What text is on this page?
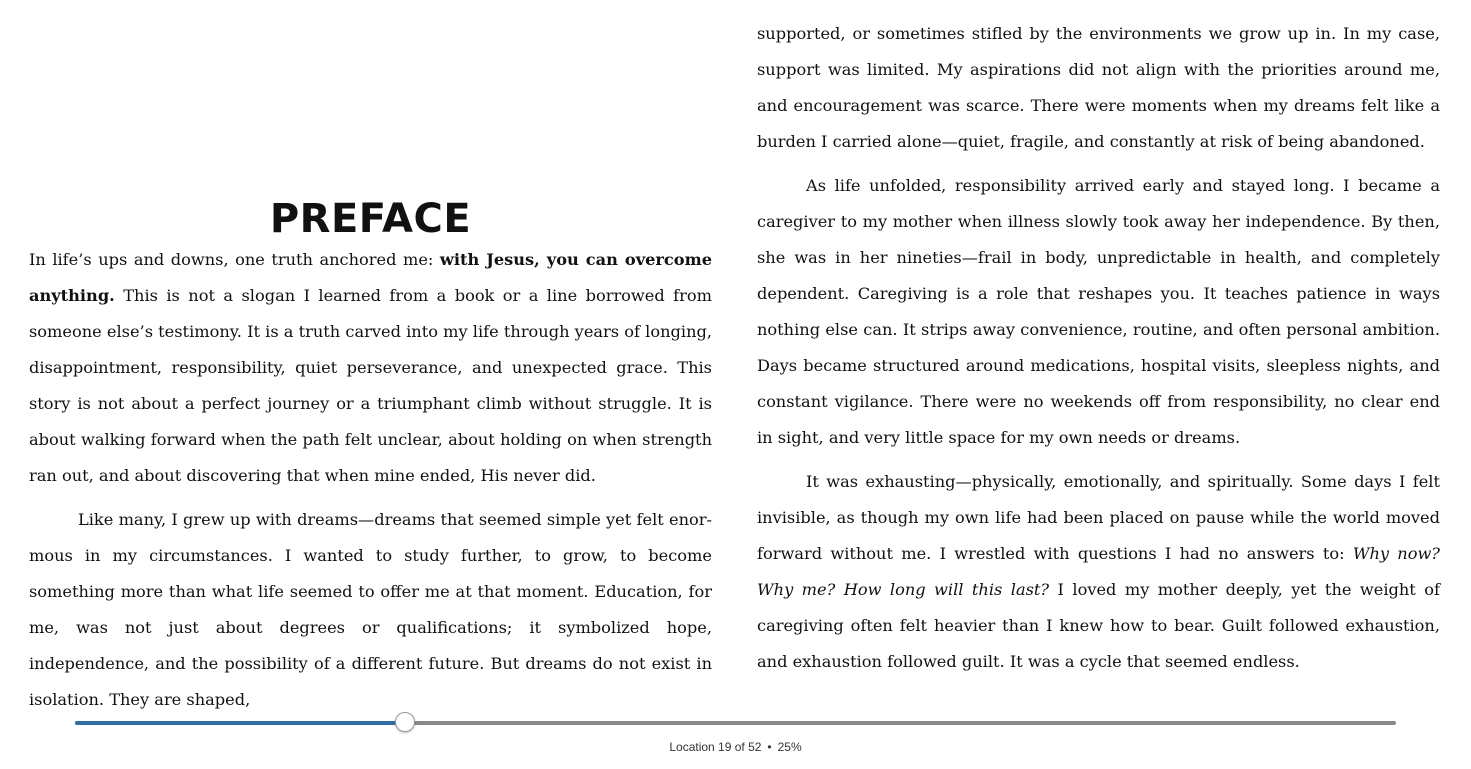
PREFACE

In life’s ups and downs, one truth anchored me: with Jesus, you can overcome anything. This is not a slogan I learned from a book or a line borrowed from someone else’s testimony. It is a truth carved into my life through years of longing, disappointment, responsibility, quiet perseverance, and unexpected grace. This story is not about a perfect journey or a triumphant climb without struggle. It is about walking forward when the path felt unclear, about holding on when strength ran out, and about discovering that when mine ended, His never did.

Like many, I grew up with dreams—dreams that seemed simple yet felt enormous in my circumstances. I wanted to study further, to grow, to become something more than what life seemed to offer me at that moment. Education, for me, was not just about degrees or qualifications; it symbolized hope, independence, and the possibility of a different future. But dreams do not exist in isolation. They are shaped,

supported, or sometimes stifled by the environments we grow up in. In my case, support was limited. My aspirations did not align with the priorities around me, and encouragement was scarce. There were moments when my dreams felt like a burden I carried alone—quiet, fragile, and constantly at risk of being abandoned.

As life unfolded, responsibility arrived early and stayed long. I became a caregiver to my mother when illness slowly took away her independence. By then, she was in her nineties—frail in body, unpredictable in health, and completely dependent. Caregiving is a role that reshapes you. It teaches patience in ways nothing else can. It strips away convenience, routine, and often personal ambition. Days became structured around medications, hospital visits, sleepless nights, and constant vigilance. There were no weekends off from responsibility, no clear end in sight, and very little space for my own needs or dreams.

It was exhausting—physically, emotionally, and spiritually. Some days I felt invisible, as though my own life had been placed on pause while the world moved forward without me. I wrestled with questions I had no answers to: Why now? Why me? How long will this last? I loved my mother deeply, yet the weight of caregiving often felt heavier than I knew how to bear. Guilt followed exhaustion, and exhaustion followed guilt. It was a cycle that seemed endless.

Location 19 of 52 • 25%
